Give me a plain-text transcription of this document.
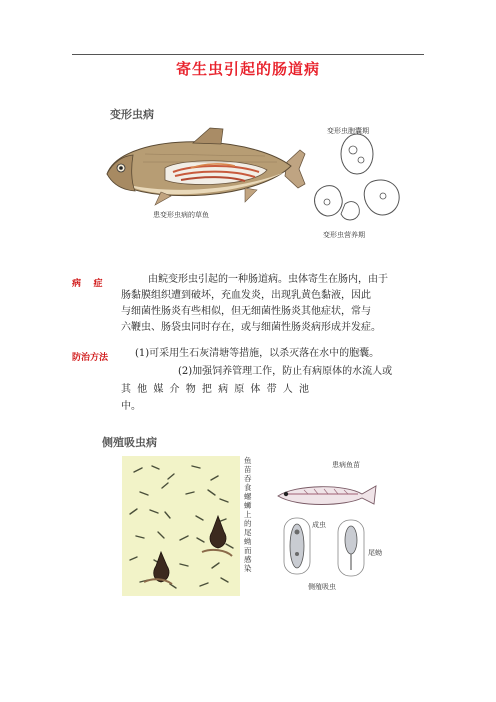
寄生虫引起的肠道病
变形虫病
患变形虫病的草鱼
变形虫胞囊期
变形虫营养期
病    症	由鲩变形虫引起的一种肠道病。虫体寄生在肠内，由于
肠黏膜组织遭到破坏，充血发炎，出现乳黄色黏液，因此
与细菌性肠炎有些相似，但无细菌性肠炎其他症状，常与
六鞭虫、肠袋虫同时存在，或与细菌性肠炎病形成并发症。
防治方法	(1)可采用生石灰清塘等措施，以杀灭落在水中的胞囊。
(2)加强饲养管理工作，防止有病原体的水流人或
其 他 媒 介 物 把 病 原 体 带 人 池
中。
侧殖吸虫病
鱼苗吞食螺蛳上的尾蚴而感染
患病鱼苗
成虫
尾蚴
侧殖吸虫
